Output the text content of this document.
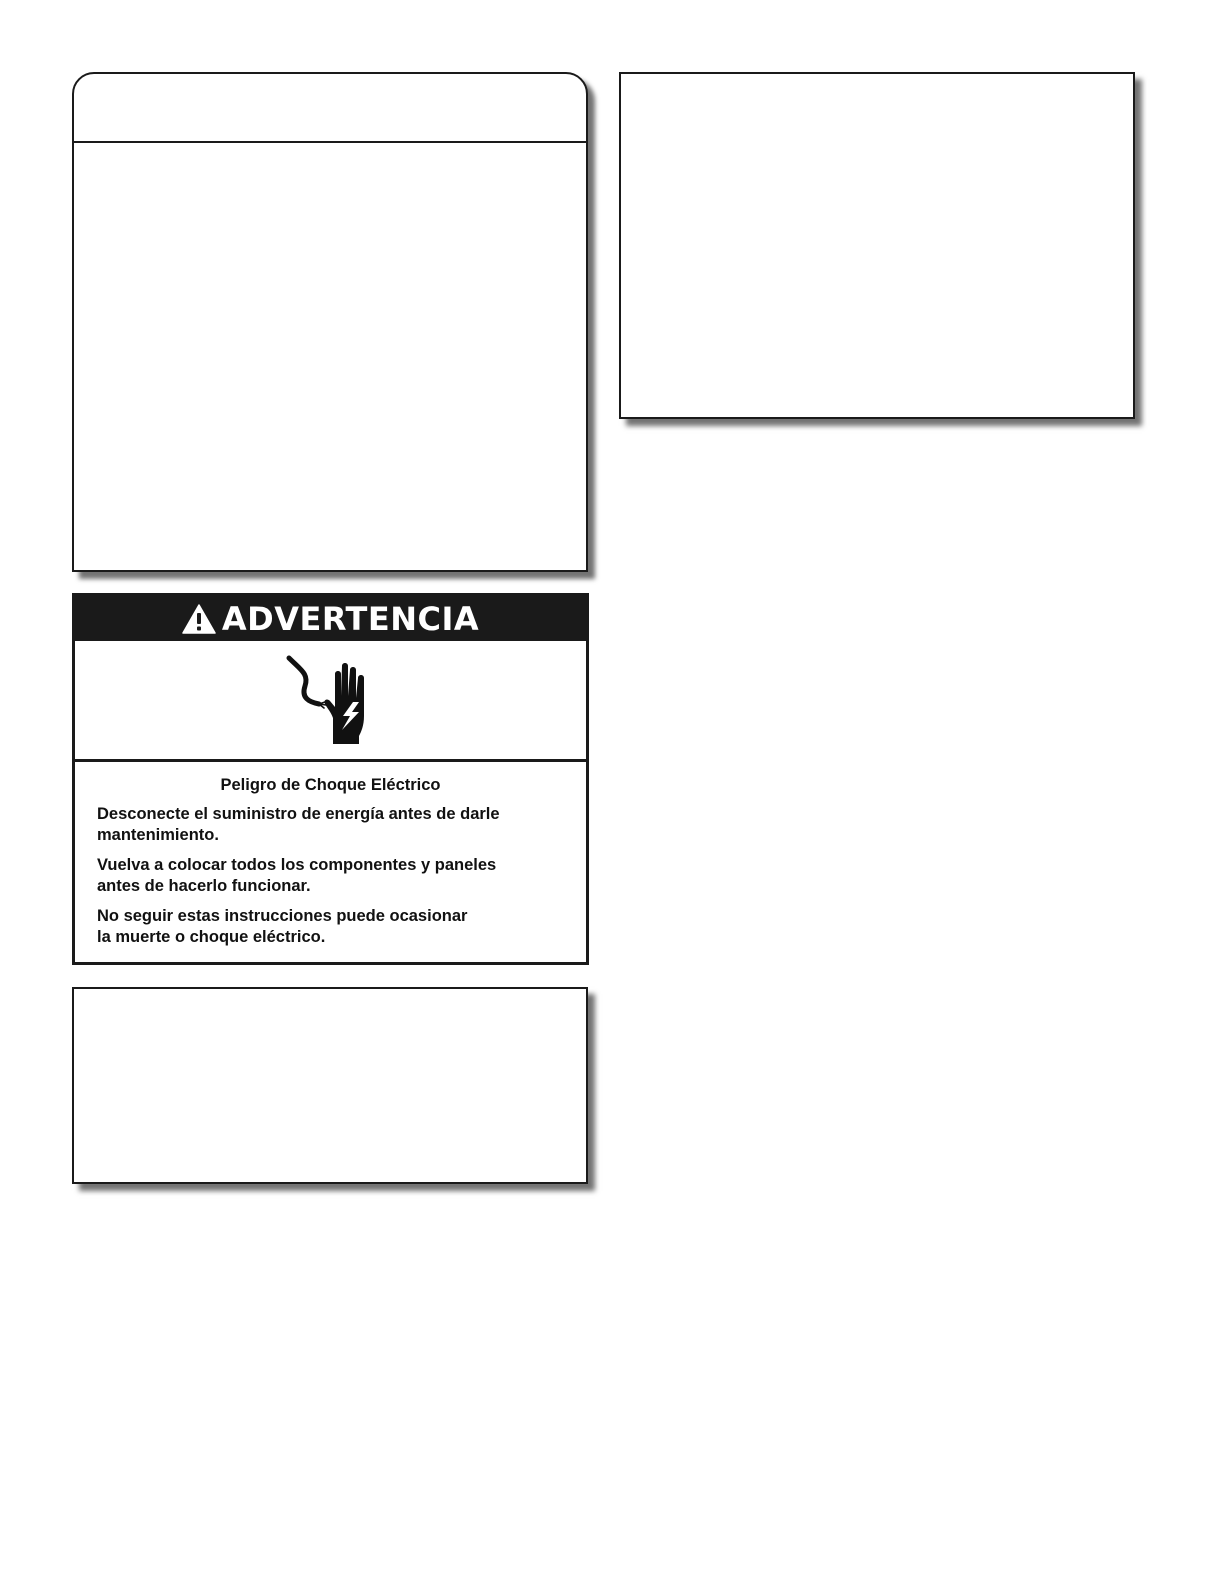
ADVERTENCIA

Peligro de Choque Eléctrico

Desconecte el suministro de energía antes de darle
mantenimiento.

Vuelva a colocar todos los componentes y paneles
antes de hacerlo funcionar.

No seguir estas instrucciones puede ocasionar
la muerte o choque eléctrico.
